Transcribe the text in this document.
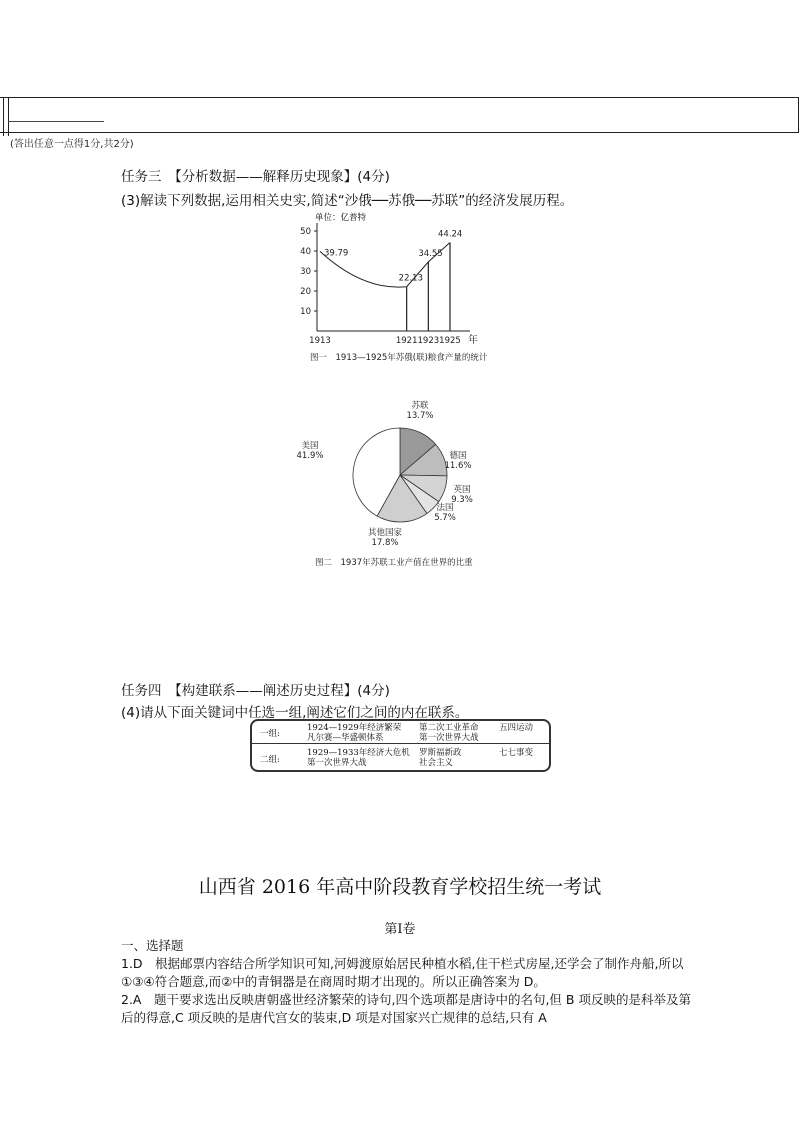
(答出任意一点得1分,共2分)
任务三　【分析数据——解释历史现象】(4分)
(3)解读下列数据,运用相关史实,简述“沙俄──苏俄──苏联”的经济发展历程。
单位：亿普特
10
20
30
40
50
1913	1921 1923 1925
39.79
22.13
34.55
44.24
年
图一　1913—1925年苏俄(联)粮食产量的统计
苏联
13.7%
德国
11.6%
英国
9.3%
法国
5.7%
其他国家
17.8%
美国
41.9%
图二　1937年苏联工业产值在世界的比重
任务四　【构建联系——阐述历史过程】(4分)
(4)请从下面关键词中任选一组,阐述它们之间的内在联系。
一组:
1924—1929年经济繁荣
凡尔赛—华盛顿体系
第二次工业革命
第一次世界大战
五四运动
二组:
1929—1933年经济大危机
第一次世界大战
罗斯福新政
社会主义
七七事变
山西省 2016 年高中阶段教育学校招生统一考试
第Ⅰ卷
一、选择题
1.D　根据邮票内容结合所学知识可知,河姆渡原始居民种植水稻,住干栏式房屋,还学会了制作舟船,所以①③④符合题意,而②中的青铜器是在商周时期才出现的。所以正确答案为 D。
2.A　题干要求选出反映唐朝盛世经济繁荣的诗句,四个选项都是唐诗中的名句,但 B 项反映的是科举及第后的得意,C 项反映的是唐代宫女的装束,D 项是对国家兴亡规律的总结,只有 A
